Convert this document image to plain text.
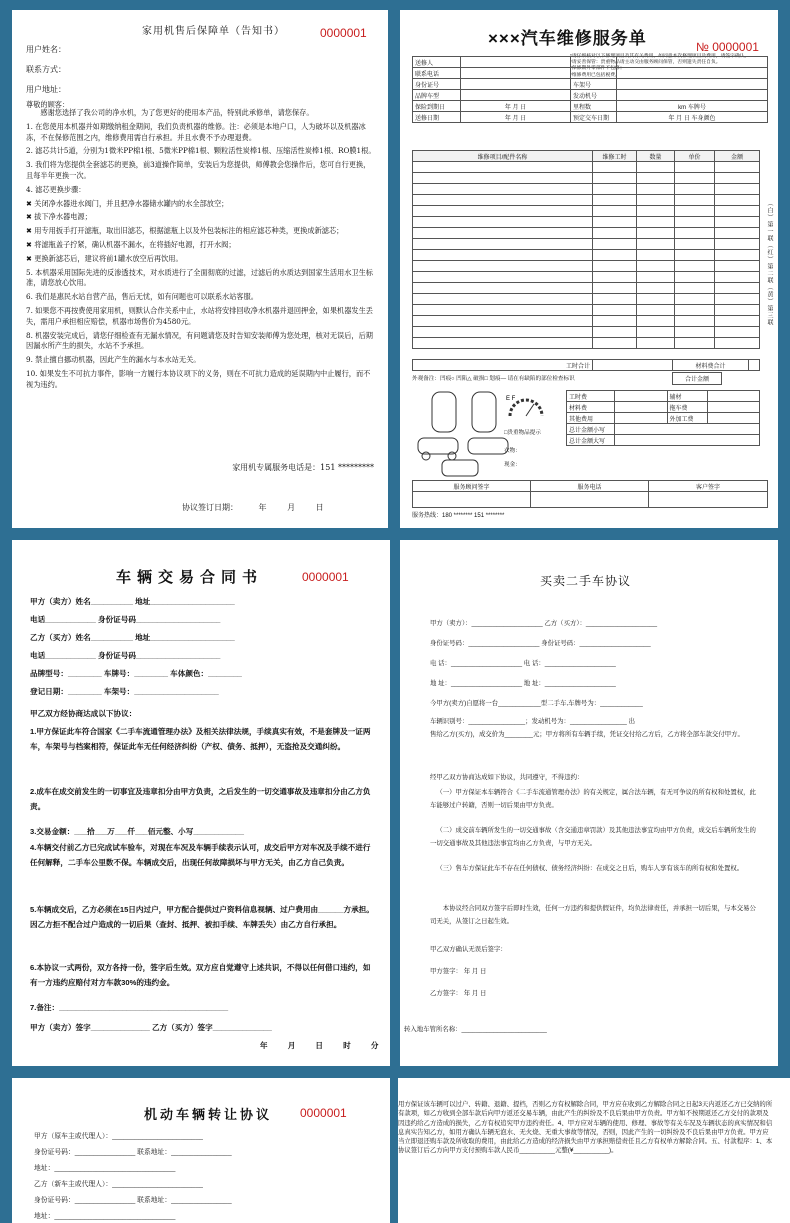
家用机售后保障单（告知书）	0000001
用户姓名：
联系方式：
用户地址：
尊敬的顾客：

感谢您选择了我公司的净水机，为了您更好的使用本产品，特别此承修单，请您保存。

1. 在您使用本机器并如期缴纳租金期间，我们负责机器的维修。注：必须是本地户口，人为破坏以及机器冰冻，不在保修范围之内，维修费用需自行承担。并且水费不予办理退费。

2. 滤芯共计5道，分别为1微米PP棉1根、5微米PP棉1根、颗粒活性炭棒1根、压缩活性炭棒1根、RO膜1根。

3. 我们将为您提供全套滤芯的更换，前3道操作简单，安装后为您提供，师傅教会您操作后，您可自行更换，且每半年更换一次。

4. 滤芯更换步骤：

✖ 关闭净水器进水阀门，并且把净水器储水罐内的水全部放空；

✖ 拔下净水器电源；

✖ 用专用扳手打开滤瓶，取出旧滤芯，根据滤瓶上以及外包装标注的相应滤芯种类，更换成新滤芯；

✖ 将滤瓶盖子拧紧，确认机器不漏水，在将插好电源，打开水阀；

✖ 更换新滤芯后，建议将前1罐水放空后再饮用。

5. 本机器采用国际先进的反渗透技术，对水质进行了全面彻底的过滤，过滤后的水质达到国家生活用水卫生标准，请您放心饮用。

6. 我们是惠民水站自营产品，售后无忧，如有问题也可以联系水站客服。

7. 如果您不再按费使用家用机，则默认合作关系中止，水站将安排回收净水机器并退回押金，如果机器发生丢失，需用户承担相应赔偿，机器市场售价为4580元。

8. 机器安装完成后，请您仔细检查有无漏水情况，有问题请您及时告知安装师傅为您处理，核对无误后，后期因漏水所产生的损失，水站不予承担。

9. 禁止擅自挪动机器，因此产生的漏水与本水站无关。

10. 如果发生不可抗力事件，影响一方履行本协议项下的义务，则在不可抗力造成的延误期内中止履行，而不视为违约。

家用机专属服务电话是：151 *********
协议签订日期： 年 月 日
×××汽车维修服务单	№ 0000001
*请仔细核对以下修理项目及其有关费用，如同意本次修理项目及费用，请签字确认。
*请妥善保管：贵重物品请主动交由服务顾问保管，否则遗失责任自负。
*保修期外零部件不包修；
*维修费用已包括税费。
送修人			
联系电话			
身份证号		车架号	
品牌车型		发动机号	
保险到期日	年 月 日	里程数	km 车牌号
送修日期	年 月 日	预定交车日期	年 月 日 车身颜色
维修项目/配件名称	维修工时	数量	单价	金额

工时合计		材料费合计	
外观备注：凹痕○ 凹陷△ 破损□ 划痕— 请在有缺陷的部位检查标识	合计金额
E F
□贵重物品提示
衣物：
现金：
工时费		辅材	
材料费		拖车费	
其他费用		外加工费	
总计金额小写			
总计金额大写			
（白）第一联（红）第二联（黄）第三联
服务顾问签字	服务电话	客户签字

服务热线：180 ******** 151 ********
车辆交易合同书	0000001
甲方（卖方）姓名__________ 地址____________________
电话____________ 身份证号码____________________
乙方（买方）姓名__________ 地址____________________
电话____________ 身份证号码____________________
品牌型号：________ 车牌号：________ 车体颜色：________
登记日期：________ 车架号：____________________
甲乙双方经协商达成以下协议：
1.甲方保证此车符合国家《二手车流通管理办法》及相关法律法规，手续真实有效，不是套牌及一证两车，车架号与档案相符，保证此车无任何经济纠纷（产权、债务、抵押），无盗抢及交通纠纷。
2.成车在成交前发生的一切事宜及违章扣分由甲方负责，之后发生的一切交通事故及违章扣分由乙方负责。
3.交易金额：___拾___万___仟___佰元整、小写____________
4.车辆交付前乙方已完成试车验车，对现在车况及车辆手续表示认可，成交后甲方对车况及手续不进行任何解释，二手车公里数不保。车辆成交后，出现任何故障损坏与甲方无关，由乙方自己负责。
5.车辆成交后，乙方必须在15日内过户，甲方配合提供过户资料信息视辆、过户费用由______方承担。因乙方拒不配合过户造成的一切后果（查封、抵押、被扣手续、车牌丢失）由乙方自行承担。
6.本协议一式两份，双方各持一份，签字后生效。双方应自觉遵守上述共识，不得以任何借口违约，如有一方违约应赔付对方车款30%的违约金。
7.备注：________________________________________
甲方（卖方）签字______________ 乙方（买方）签字______________
年 月 日 时 分
买卖二手车协议
甲方（卖方）：____________________ 乙方（买方）：____________________
身份证号码：____________________ 身份证号码：____________________
电 话：____________________ 电 话：____________________
地 址：____________________ 地 址：____________________
今甲方(卖方)自愿将一台____________型二手车,车牌号为：____________
车辆识别号：________________；发动机号为：________________ 出
售给乙方(买方)，成交价为________元；甲方将所有车辆手续，凭证交付给乙方后，乙方将全部车款交付甲方。
经甲乙双方协商达成如下协议，共同遵守，不得违约：
（一）甲方保证本车辆符合《二手车流通管理办法》的有关规定，属合法车辆，有无可争议的所有权和处置权，此车能够过户转籍，否则一切后果由甲方负责。
（二）成交前车辆所发生的一切交通事故（含交通违章罚款）及其他违法事宜均由甲方负责，成交后车辆所发生的一切交通事故及其他违法事宜均由乙方负责，与甲方无关。
（三）售车方保证此车不存在任何债权、债务经济纠纷：在成交之日后，购车人享有该车的所有权和处置权。
本协议经合同双方签字后即时生效，任何一方违约和提供假证件，均负法律责任，并承担一切后果，与本交易公司无关，从签订之日起生效。
甲乙双方确认无误后签字：
甲方签字： 年 月 日
乙方签字： 年 月 日
转入地车管所名称：________________________
机动车辆转让协议 0000001
甲方（原车主或代理人）：________________________
身份证号码：________________ 联系地址：________________
地址：________________________________
乙方（新车主或代理人）：________________________
身份证号码：________________ 联系地址：________________
地址：________________________________
用方保证该车辆可以过户、转籍、退籍、提档，否则乙方有权解除合同，甲方应在收到乙方解除合同之日起3天内返还乙方已交纳的所有款项，如乙方收到全部车款后向甲方返还交易车辆，由此产生的纠纷及不良后果由甲方负责。甲方如不按期返还乙方交付的款项及因违约给乙方造成的损失，乙方有权追究甲方违约责任。4、甲方应对车辆的使用、修理、事故等有关车况及车辆状态的真实情况和信息真实告知乙方，如用方确认车辆无泡水、无火烧、无重大事故等情况，否则，因此产生的一切纠纷及不良后果由甲方负责。甲方应当立即退还购车款及所收取的费用，由此给乙方造成的经济损失由甲方承担赔偿责任且乙方有权单方解除合同。五、付款程序：1、本协议签订后乙方向甲方支付预购车款人民币__________元整(¥__________)。
